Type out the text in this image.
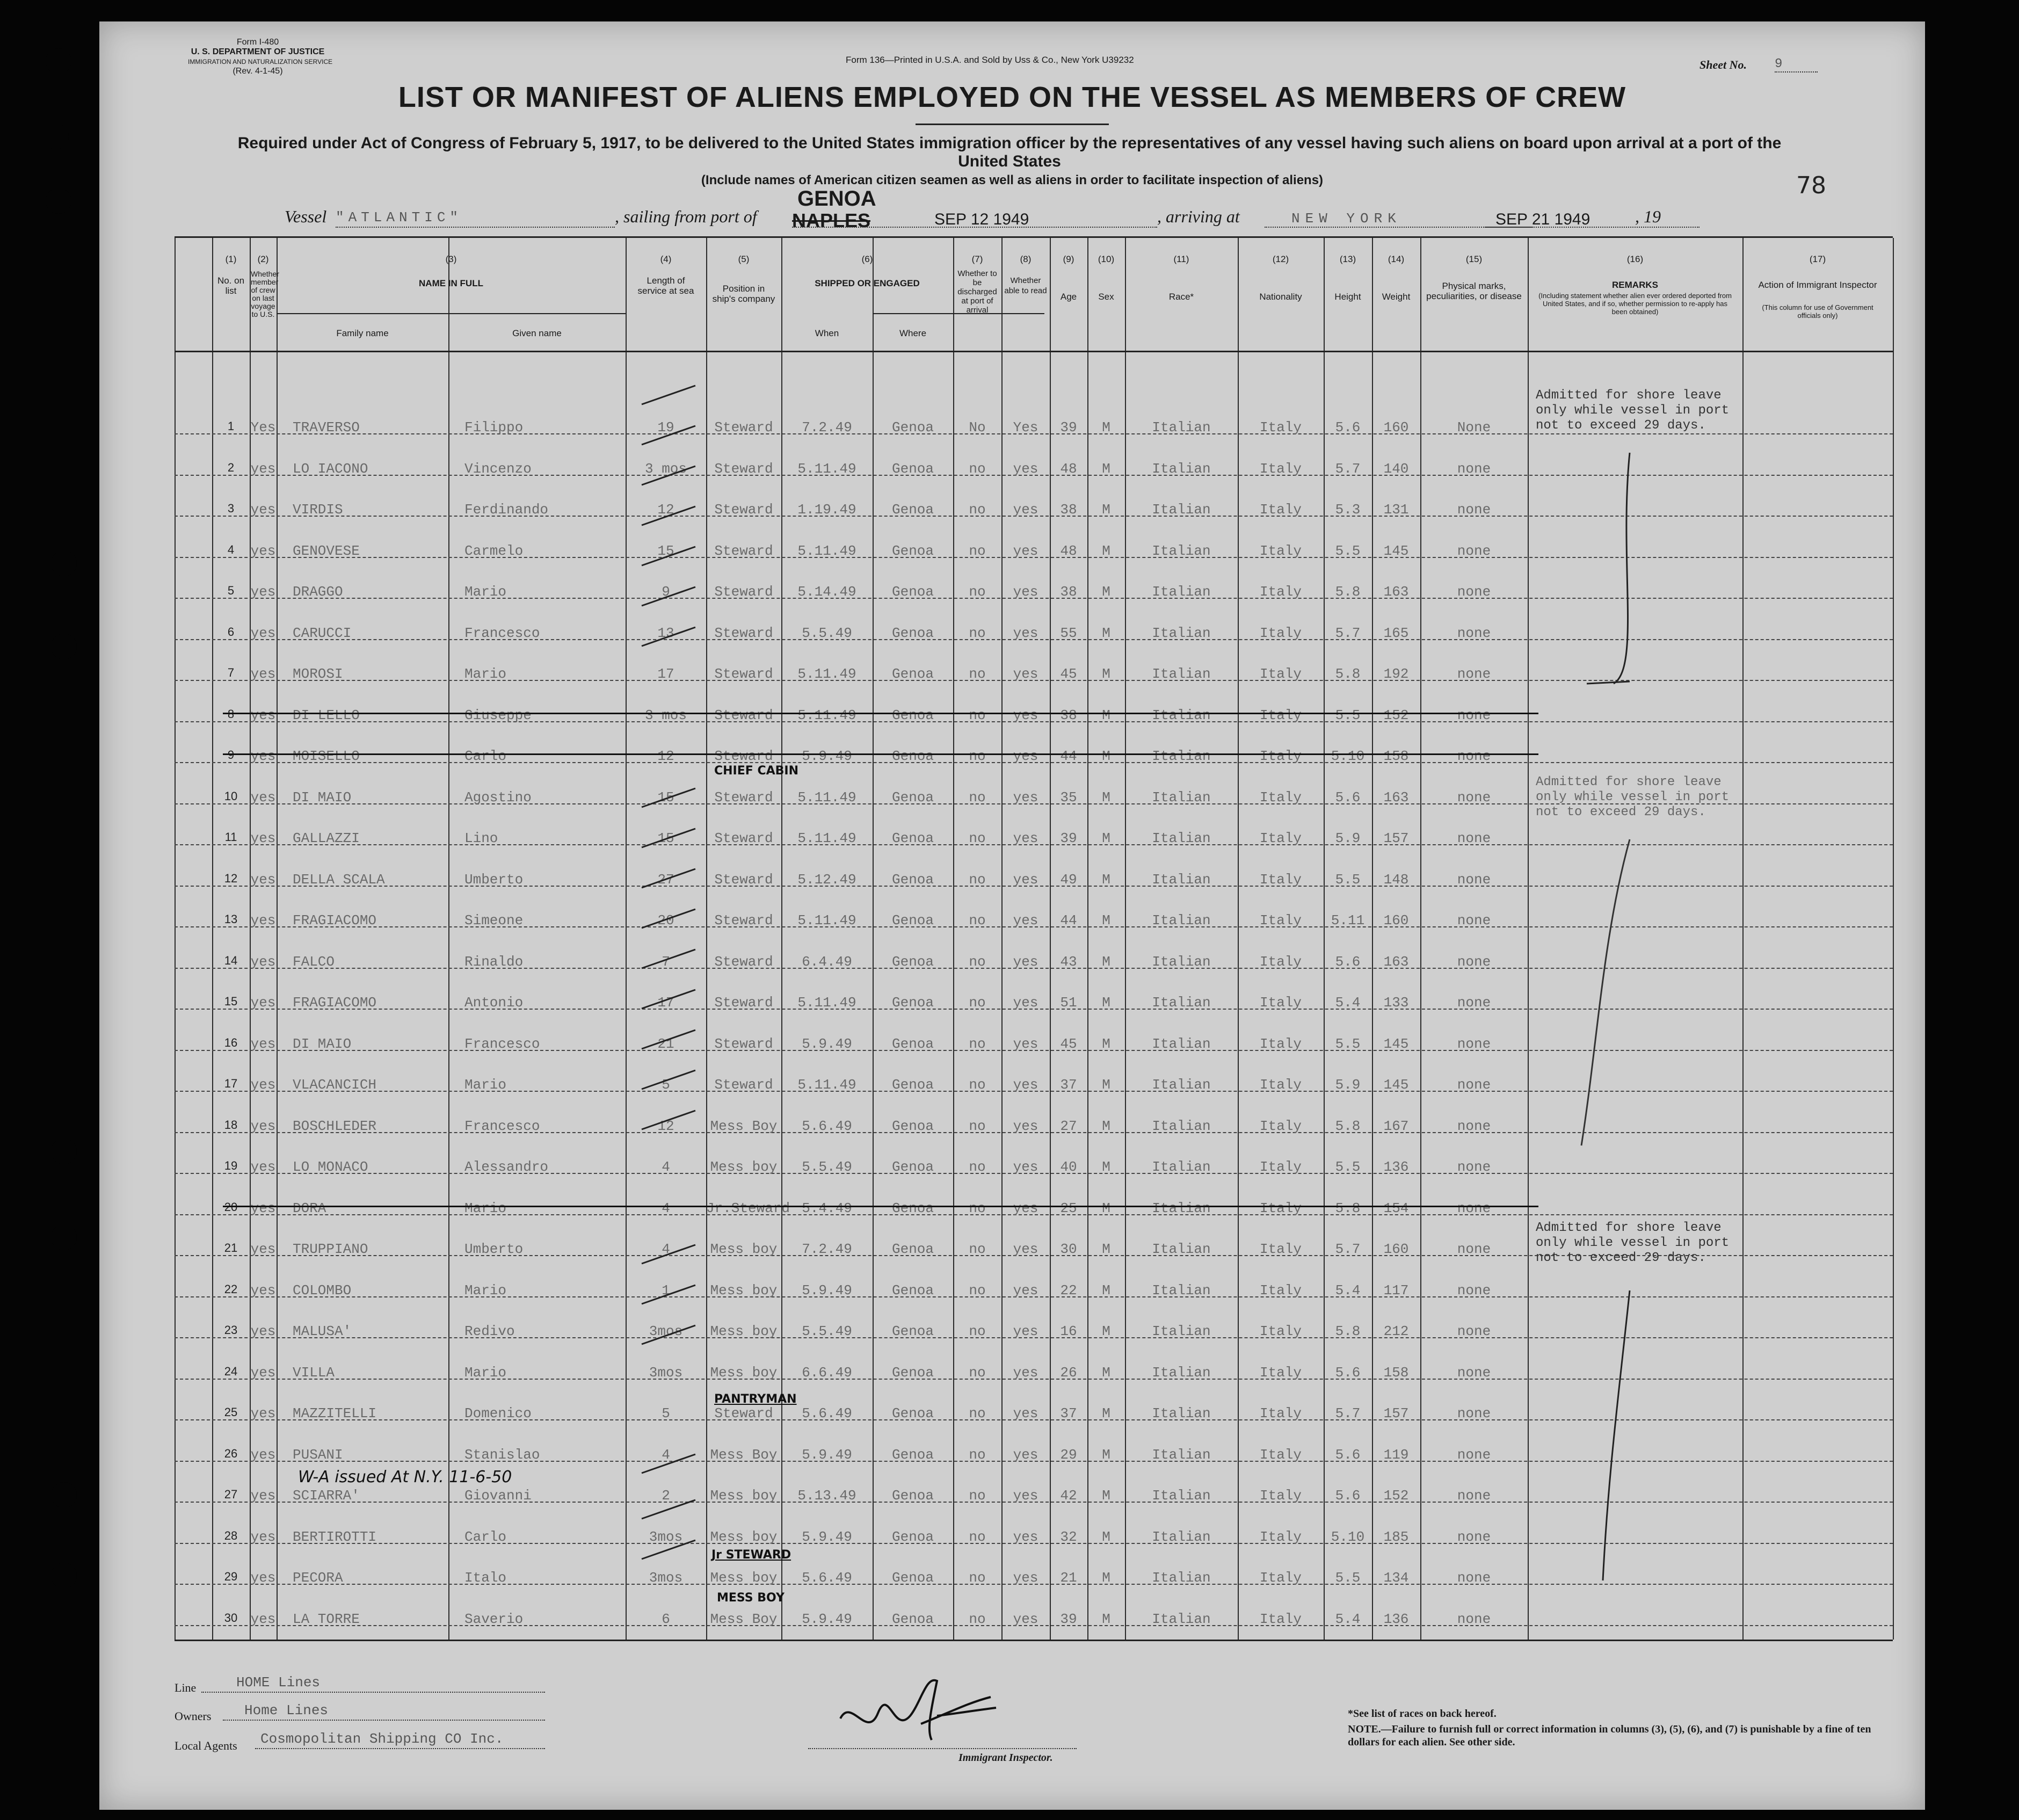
Form I-480
U. S. DEPARTMENT OF JUSTICE
IMMIGRATION AND NATURALIZATION SERVICE
(Rev. 4-1-45)
Form 136—Printed in U.S.A. and Sold by Uss & Co., New York U39232	Sheet No. 9
LIST OR MANIFEST OF ALIENS EMPLOYED ON THE VESSEL AS MEMBERS OF CREW
Required under Act of Congress of February 5, 1917, to be delivered to the United States immigration officer by the representatives of any vessel having such aliens on board upon arrival at a port of the United States
(Include names of American citizen seamen as well as aliens in order to facilitate inspection of aliens)	78
Vessel "ATLANTIC"	, sailing from port of
GENOA
NAPLES	SEP 12 1949	, arriving at	NEW YORK	SEP 21 1949	, 19
(1)
No. on list
(2)
Whether member of crew on last voyage to U.S.
(3)
NAME IN FULL
Family name	Given name
(4)
Length of service at sea
(5)
Position in ship's company
(6)
SHIPPED OR ENGAGED
When	Where
(7)
Whether to be discharged at port of arrival
(8)
Whether able to read
(9)
Age
(10)
Sex
(11)
Race*
(12)
Nationality
(13)
Height
(14)
Weight
(15)
Physical marks, peculiarities, or disease
(16)
REMARKS
(Including statement whether alien ever ordered deported from United States, and if so, whether permission to re-apply has been obtained)
(17)
Action of Immigrant Inspector
(This column for use of Government officials only)
1	Yes	TRAVERSO	Filippo	19	Steward	7.2.49	Genoa	No	Yes	39	M	Italian	Italy	5.6	160	None
2	yes	LO IACONO	Vincenzo	3 mos	Steward	5.11.49	Genoa	no	yes	48	M	Italian	Italy	5.7	140	none
3	yes	VIRDIS	Ferdinando	12	Steward	1.19.49	Genoa	no	yes	38	M	Italian	Italy	5.3	131	none
4	yes	GENOVESE	Carmelo	15	Steward	5.11.49	Genoa	no	yes	48	M	Italian	Italy	5.5	145	none
5	yes	DRAGGO	Mario	9	Steward	5.14.49	Genoa	no	yes	38	M	Italian	Italy	5.8	163	none
6	yes	CARUCCI	Francesco	13	Steward	5.5.49	Genoa	no	yes	55	M	Italian	Italy	5.7	165	none
7	yes	MOROSI	Mario	17	Steward	5.11.49	Genoa	no	yes	45	M	Italian	Italy	5.8	192	none
8	yes	DI LELLO	Giuseppe	3 mos	Steward	5.11.49	Genoa	no	yes	38	M	Italian	Italy	5.5	152	none
9	yes	MOISELLO	Carlo	12	Steward	5.9.49	Genoa	no	yes	44	M	Italian	Italy	5.10	158	none
10 yes	DI MAIO	Agostino	15	Steward	5.11.49	Genoa	no	yes	35	M	Italian	Italy	5.6	163	none
11 yes	GALLAZZI	Lino	15	Steward	5.11.49	Genoa	no	yes	39	M	Italian	Italy	5.9	157	none
12 yes	DELLA SCALA	Umberto	27	Steward	5.12.49	Genoa	no	yes	49	M	Italian	Italy	5.5	148	none
13 yes	FRAGIACOMO	Simeone	20	Steward	5.11.49	Genoa	no	yes	44	M	Italian	Italy	5.11	160	none
14 yes	FALCO	Rinaldo	7	Steward	6.4.49	Genoa	no	yes	43	M	Italian	Italy	5.6	163	none
15 yes	FRAGIACOMO	Antonio	17	Steward	5.11.49	Genoa	no	yes	51	M	Italian	Italy	5.4	133	none
16 yes	DI MAIO	Francesco	21	Steward	5.9.49	Genoa	no	yes	45	M	Italian	Italy	5.5	145	none
17 yes	VLACANCICH	Mario	5	Steward	5.11.49	Genoa	no	yes	37	M	Italian	Italy	5.9	145	none
18 yes	BOSCHLEDER	Francesco	12	Mess Boy	5.6.49	Genoa	no	yes	27	M	Italian	Italy	5.8	167	none
19 yes	LO MONACO	Alessandro	4	Mess boy	5.5.49	Genoa	no	yes	40	M	Italian	Italy	5.5	136	none
20 yes	DORA	Mario	4	Jr.Steward 5.4.49	Genoa	no	yes	25	M	Italian	Italy	5.8	154	none
21 yes	TRUPPIANO	Umberto	4	Mess boy	7.2.49	Genoa	no	yes	30	M	Italian	Italy	5.7	160	none
22 yes	COLOMBO	Mario	1	Mess boy	5.9.49	Genoa	no	yes	22	M	Italian	Italy	5.4	117	none
23 yes	MALUSA'	Redivo	3mos	Mess boy	5.5.49	Genoa	no	yes	16	M	Italian	Italy	5.8	212	none
24 yes	VILLA	Mario	3mos	Mess boy	6.6.49	Genoa	no	yes	26	M	Italian	Italy	5.6	158	none
25 yes	MAZZITELLI	Domenico	5	Steward	5.6.49	Genoa	no	yes	37	M	Italian	Italy	5.7	157	none
26 yes	PUSANI	Stanislao	4	Mess Boy	5.9.49	Genoa	no	yes	29	M	Italian	Italy	5.6	119	none
27 yes	SCIARRA'	Giovanni	2	Mess boy	5.13.49	Genoa	no	yes	42	M	Italian	Italy	5.6	152	none
28 yes	BERTIROTTI	Carlo	3mos	Mess boy	5.9.49	Genoa	no	yes	32	M	Italian	Italy	5.10	185	none
29 yes	PECORA	Italo	3mos	Mess boy	5.6.49	Genoa	no	yes	21	M	Italian	Italy	5.5	134	none
30 yes	LA TORRE	Saverio	6	Mess Boy	5.9.49	Genoa	no	yes	39	M	Italian	Italy	5.4	136	none
Admitted for shore leave only while vessel in port not to exceed 29 days.
Admitted for shore leave only while vessel in port not to exceed 29 days.
Admitted for shore leave only while vessel in port not to exceed 29 days.
CHIEF CABIN
PANTRYMAN
Jr STEWARD
MESS BOY
W-A issued At N.Y. 11-6-50
Line	HOME Lines
Owners Home Lines
Local Agents Cosmopolitan Shipping CO Inc.
Immigrant Inspector.
*See list of races on back hereof.
NOTE.—Failure to furnish full or correct information in columns (3), (5), (6), and (7) is punishable by a fine of ten dollars for each alien. See other side.
